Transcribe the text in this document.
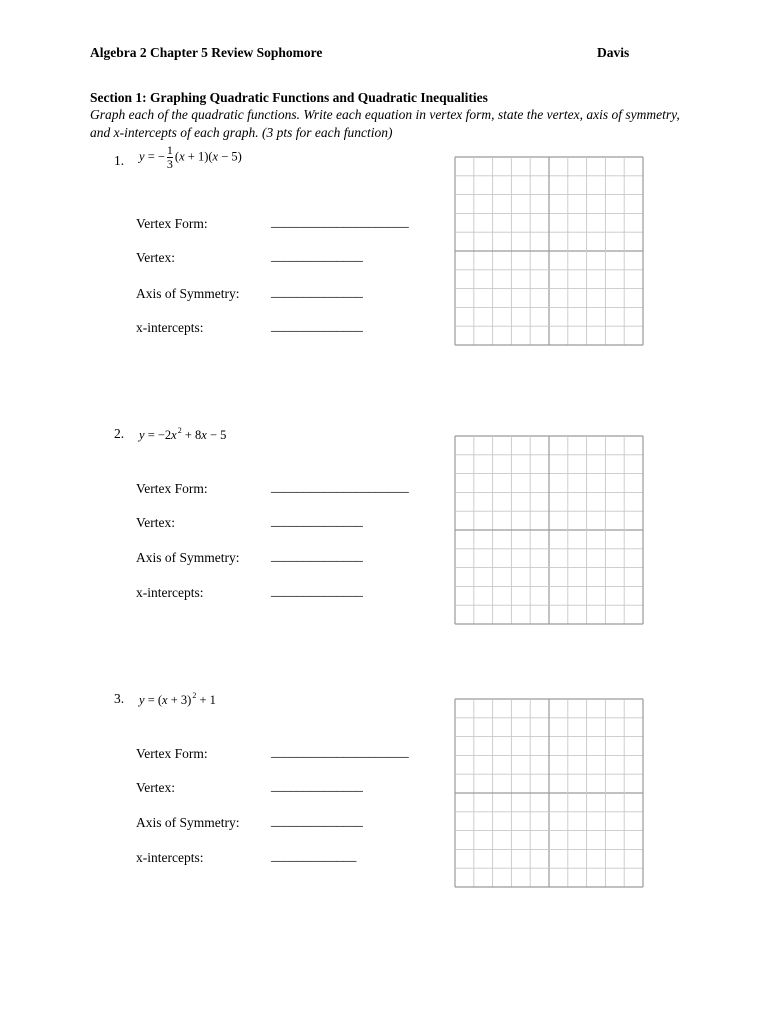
Algebra 2 Chapter 5 Review Sophomore	Davis
Section 1: Graphing Quadratic Functions and Quadratic Inequalities
Graph each of the quadratic functions. Write each equation in vertex form, state the vertex, axis of symmetry, and x-intercepts of each graph. (3 pts for each function)
1. y = − $\frac{1}{3} (x + 1)(x - 5)$
Vertex Form:	_____________________
Vertex:	______________
Axis of Symmetry: ______________
x-intercepts:	______________
2. $y = -2x^2 + 8x - 5$
Vertex Form:	_____________________
Vertex:	______________
Axis of Symmetry: ______________
x-intercepts:	______________
3. $y = (x + 3)^2 + 1$
Vertex Form:	_____________________
Vertex:	______________
Axis of Symmetry: ______________
x-intercepts:	_____________
